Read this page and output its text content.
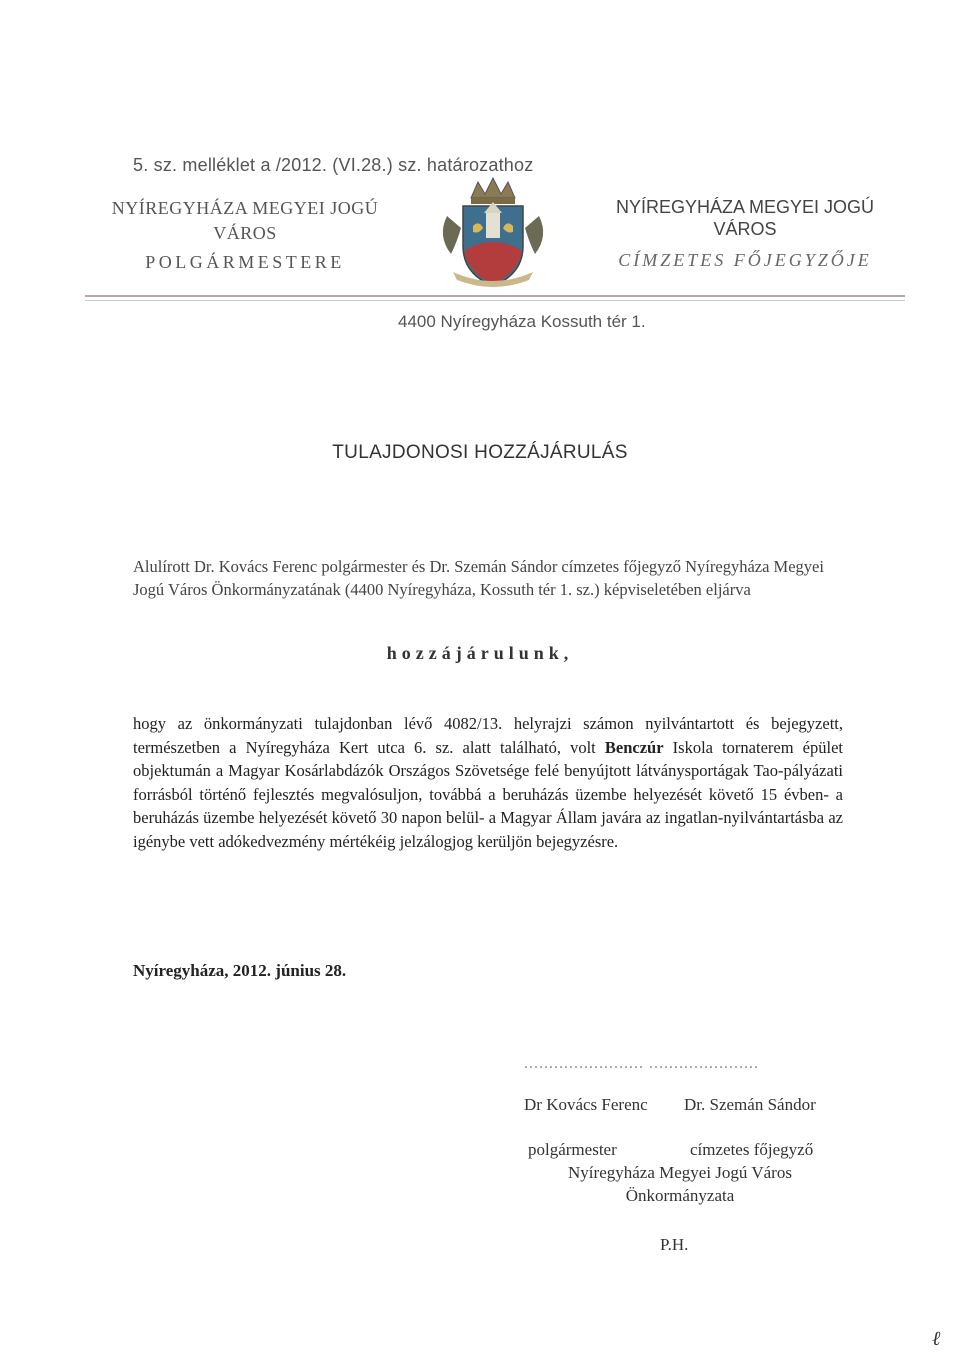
5. sz. melléklet a /2012. (VI.28.) sz. határozathoz
NYÍREGYHÁZA MEGYEI JOGÚ
VÁROS
POLGÁRMESTERE
NYÍREGYHÁZA MEGYEI JOGÚ
VÁROS
CÍMZETES FŐJEGYZŐJE
4400 Nyíregyháza Kossuth tér 1.
TULAJDONOSI HOZZÁJÁRULÁS
Alulírott Dr. Kovács Ferenc polgármester és Dr. Szemán Sándor címzetes főjegyző Nyíregyháza Megyei Jogú Város Önkormányzatának (4400 Nyíregyháza, Kossuth tér 1. sz.) képviseletében eljárva
hozzájárulunk,
hogy az önkormányzati tulajdonban lévő 4082/13. helyrajzi számon nyilvántartott és bejegyzett, természetben a Nyíregyháza Kert utca 6. sz. alatt található, volt Benczúr Iskola tornaterem épület objektumán a Magyar Kosárlabdázók Országos Szövetsége felé benyújtott látványsportágak Tao-pályázati forrásból történő fejlesztés megvalósuljon, továbbá a beruházás üzembe helyezését követő 15 évben- a beruházás üzembe helyezését követő 30 napon belül- a Magyar Állam javára az ingatlan-nyilvántartásba az igénybe vett adókedvezmény mértékéig jelzálogjog kerüljön bejegyzésre.
Nyíregyháza, 2012. június 28.
........................ ......................
Dr Kovács Ferenc Dr. Szemán Sándor
polgármester	címzetes főjegyző
Nyíregyháza Megyei Jogú Város
Önkormányzata
P.H.
ℓ
